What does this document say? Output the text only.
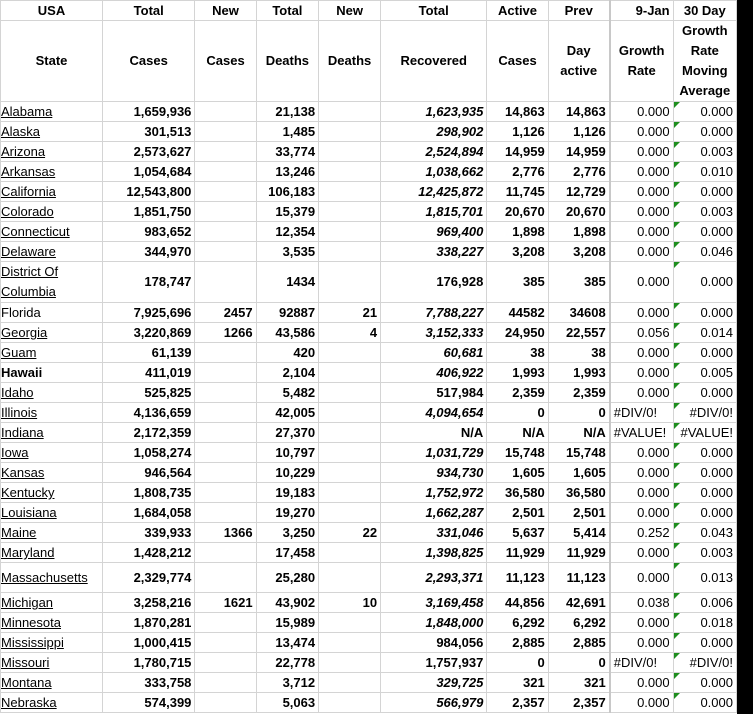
USA	Total	New	Total	New	Total	Active	Prev	9-Jan	30 Day
State	Cases	Cases	Deaths	Deaths	Recovered	Cases	Day active	Growth Rate	Growth Rate Moving Average
Alabama	1,659,936		21,138		1,623,935	14,863	14,863	0.000	0.000
Alaska	301,513		1,485		298,902	1,126	1,126	0.000	0.000
Arizona	2,573,627		33,774		2,524,894	14,959	14,959	0.000	0.003
Arkansas	1,054,684		13,246		1,038,662	2,776	2,776	0.000	0.010
California	12,543,800		106,183		12,425,872	11,745	12,729	0.000	0.000
Colorado	1,851,750		15,379		1,815,701	20,670	20,670	0.000	0.003
Connecticut	983,652		12,354		969,400	1,898	1,898	0.000	0.000
Delaware	344,970		3,535		338,227	3,208	3,208	0.000	0.046
District Of Columbia	178,747		1434		176,928	385	385	0.000	0.000
Florida	7,925,696	2457	92887	21	7,788,227	44582	34608	0.000	0.000
Georgia	3,220,869	1266	43,586	4	3,152,333	24,950	22,557	0.056	0.014
Guam	61,139		420		60,681	38	38	0.000	0.000
Hawaii	411,019		2,104		406,922	1,993	1,993	0.000	0.005
Idaho	525,825		5,482		517,984	2,359	2,359	0.000	0.000
Illinois	4,136,659		42,005		4,094,654	0	0	#DIV/0!	#DIV/0!
Indiana	2,172,359		27,370		N/A	N/A	N/A	#VALUE!	#VALUE!
Iowa	1,058,274		10,797		1,031,729	15,748	15,748	0.000	0.000
Kansas	946,564		10,229		934,730	1,605	1,605	0.000	0.000
Kentucky	1,808,735		19,183		1,752,972	36,580	36,580	0.000	0.000
Louisiana	1,684,058		19,270		1,662,287	2,501	2,501	0.000	0.000
Maine	339,933	1366	3,250	22	331,046	5,637	5,414	0.252	0.043
Maryland	1,428,212		17,458		1,398,825	11,929	11,929	0.000	0.003
Massachusetts	2,329,774		25,280		2,293,371	11,123	11,123	0.000	0.013
Michigan	3,258,216	1621	43,902	10	3,169,458	44,856	42,691	0.038	0.006
Minnesota	1,870,281		15,989		1,848,000	6,292	6,292	0.000	0.018
Mississippi	1,000,415		13,474		984,056	2,885	2,885	0.000	0.000
Missouri	1,780,715		22,778		1,757,937	0	0	#DIV/0!	#DIV/0!
Montana	333,758		3,712		329,725	321	321	0.000	0.000
Nebraska	574,399		5,063		566,979	2,357	2,357	0.000	0.000
